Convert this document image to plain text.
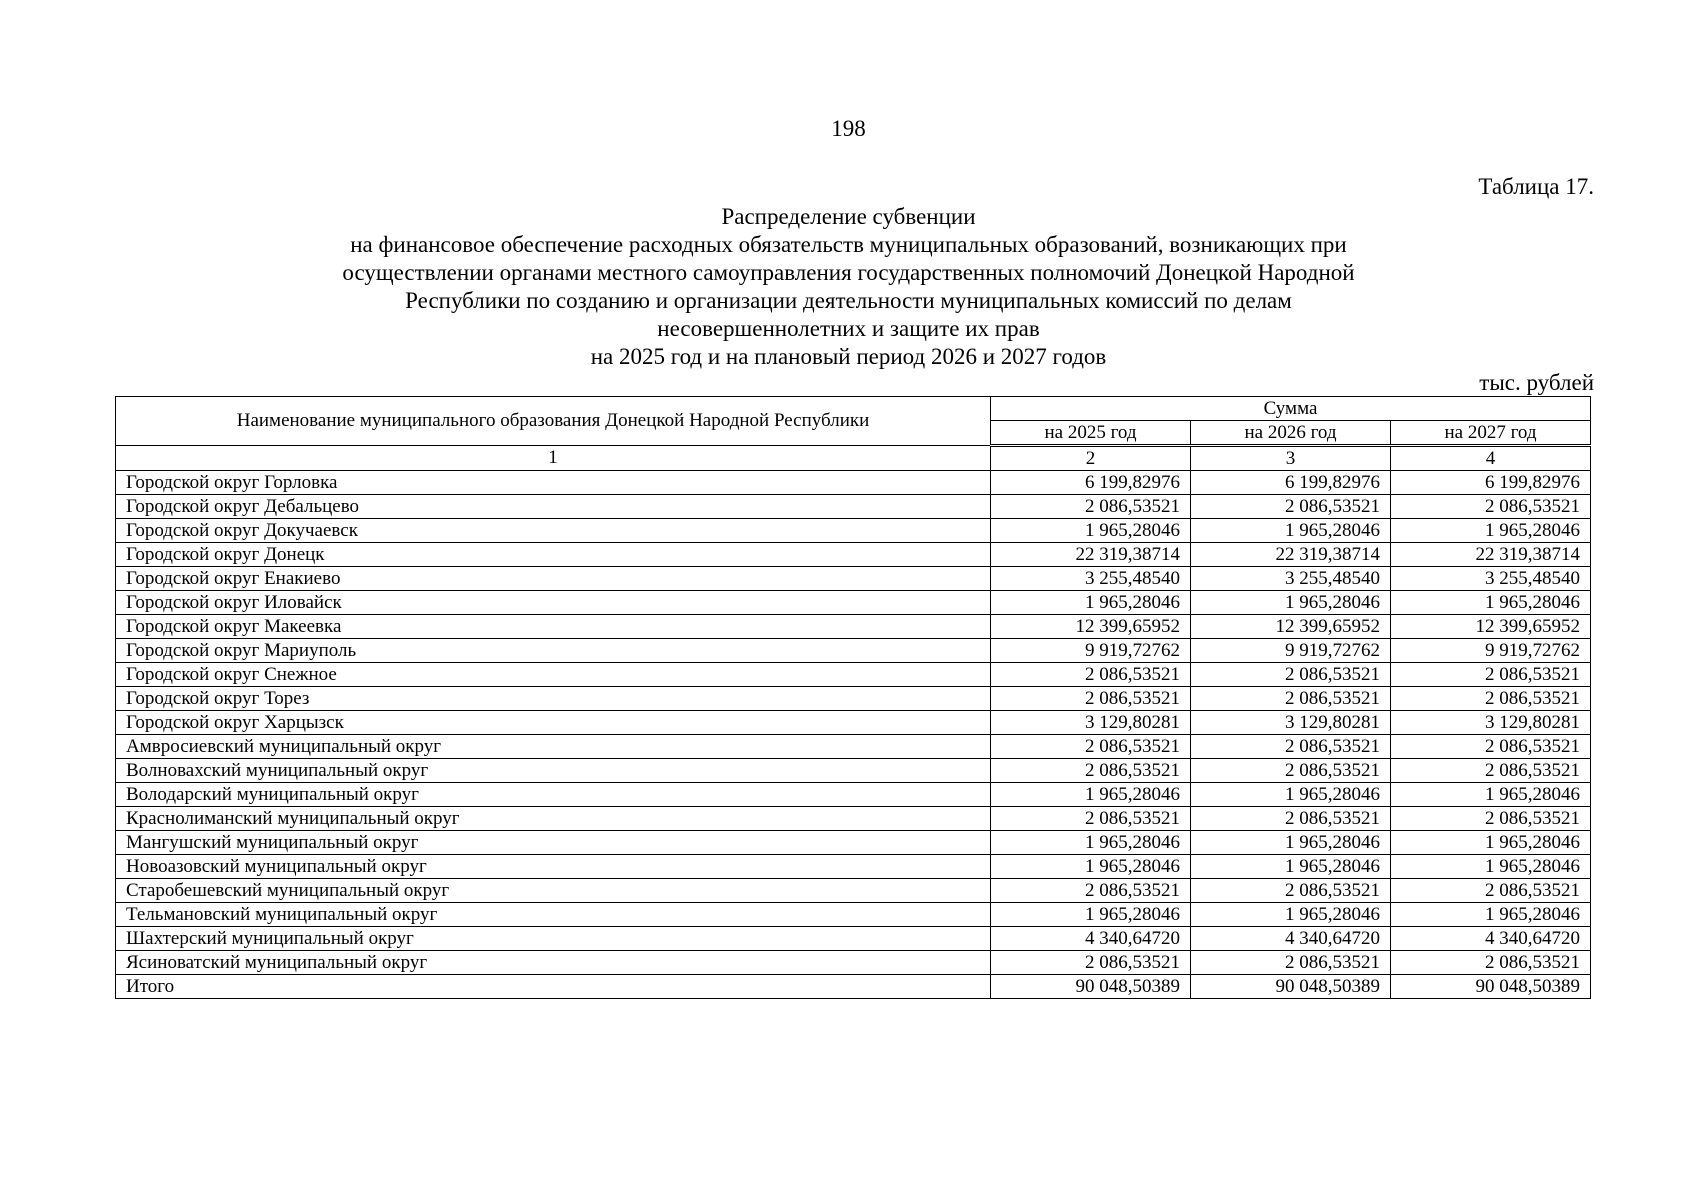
198
Таблица 17.
Распределение субвенции
на финансовое обеспечение расходных обязательств муниципальных образований, возникающих при
осуществлении органами местного самоуправления государственных полномочий Донецкой Народной
Республики по созданию и организации деятельности муниципальных комиссий по делам
несовершеннолетних и защите их прав
на 2025 год и на плановый период 2026 и 2027 годов
тыс. рублей
Наименование муниципального образования Донецкой Народной Республики	Сумма		
	на 2025 год	на 2026 год	на 2027 год
1	2	3	4
Городской округ Горловка	6 199,82976	6 199,82976	6 199,82976
Городской округ Дебальцево	2 086,53521	2 086,53521	2 086,53521
Городской округ Докучаевск	1 965,28046	1 965,28046	1 965,28046
Городской округ Донецк	22 319,38714	22 319,38714	22 319,38714
Городской округ Енакиево	3 255,48540	3 255,48540	3 255,48540
Городской округ Иловайск	1 965,28046	1 965,28046	1 965,28046
Городской округ Макеевка	12 399,65952	12 399,65952	12 399,65952
Городской округ Мариуполь	9 919,72762	9 919,72762	9 919,72762
Городской округ Снежное	2 086,53521	2 086,53521	2 086,53521
Городской округ Торез	2 086,53521	2 086,53521	2 086,53521
Городской округ Харцызск	3 129,80281	3 129,80281	3 129,80281
Амвросиевский муниципальный округ	2 086,53521	2 086,53521	2 086,53521
Волновахский муниципальный округ	2 086,53521	2 086,53521	2 086,53521
Володарский муниципальный округ	1 965,28046	1 965,28046	1 965,28046
Краснолиманский муниципальный округ	2 086,53521	2 086,53521	2 086,53521
Мангушский муниципальный округ	1 965,28046	1 965,28046	1 965,28046
Новоазовский муниципальный округ	1 965,28046	1 965,28046	1 965,28046
Старобешевский муниципальный округ	2 086,53521	2 086,53521	2 086,53521
Тельмановский муниципальный округ	1 965,28046	1 965,28046	1 965,28046
Шахтерский муниципальный округ	4 340,64720	4 340,64720	4 340,64720
Ясиноватский муниципальный округ	2 086,53521	2 086,53521	2 086,53521
Итого	90 048,50389	90 048,50389	90 048,50389
